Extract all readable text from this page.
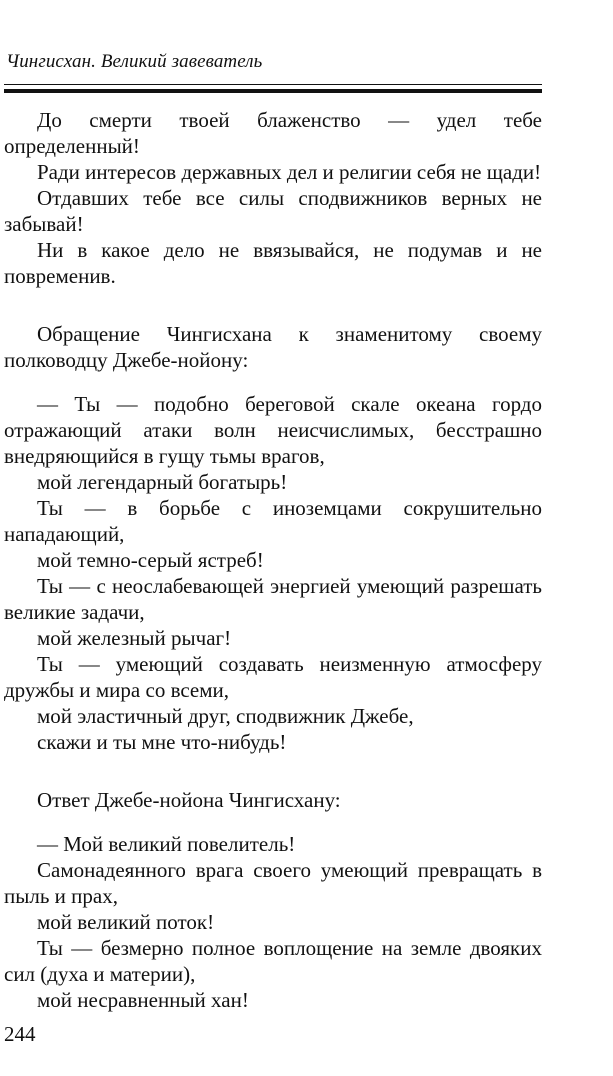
Чингисхан. Великий завеватель

До смерти твоей блаженство — удел тебе определенный!

Ради интересов державных дел и религии себя не щади!

Отдавших тебе все силы сподвижников верных не забывай!

Ни в какое дело не ввязывайся, не подумав и не повременив.

Обращение Чингисхана к знаменитому своему полководцу Джебе-нойону:

— Ты — подобно береговой скале океана гордо отражающий атаки волн неисчислимых, бесстрашно внедряющийся в гущу тьмы врагов,

мой легендарный богатырь!

Ты — в борьбе с иноземцами сокрушительно нападающий,

мой темно-серый ястреб!

Ты — с неослабевающей энергией умеющий разрешать великие задачи,

мой железный рычаг!

Ты — умеющий создавать неизменную атмосферу дружбы и мира со всеми,

мой эластичный друг, сподвижник Джебе,

скажи и ты мне что-нибудь!

Ответ Джебе-нойона Чингисхану:

— Мой великий повелитель!

Самонадеянного врага своего умеющий превращать в пыль и прах,

мой великий поток!

Ты — безмерно полное воплощение на земле двояких сил (духа и материи),

мой несравненный хан!

244
